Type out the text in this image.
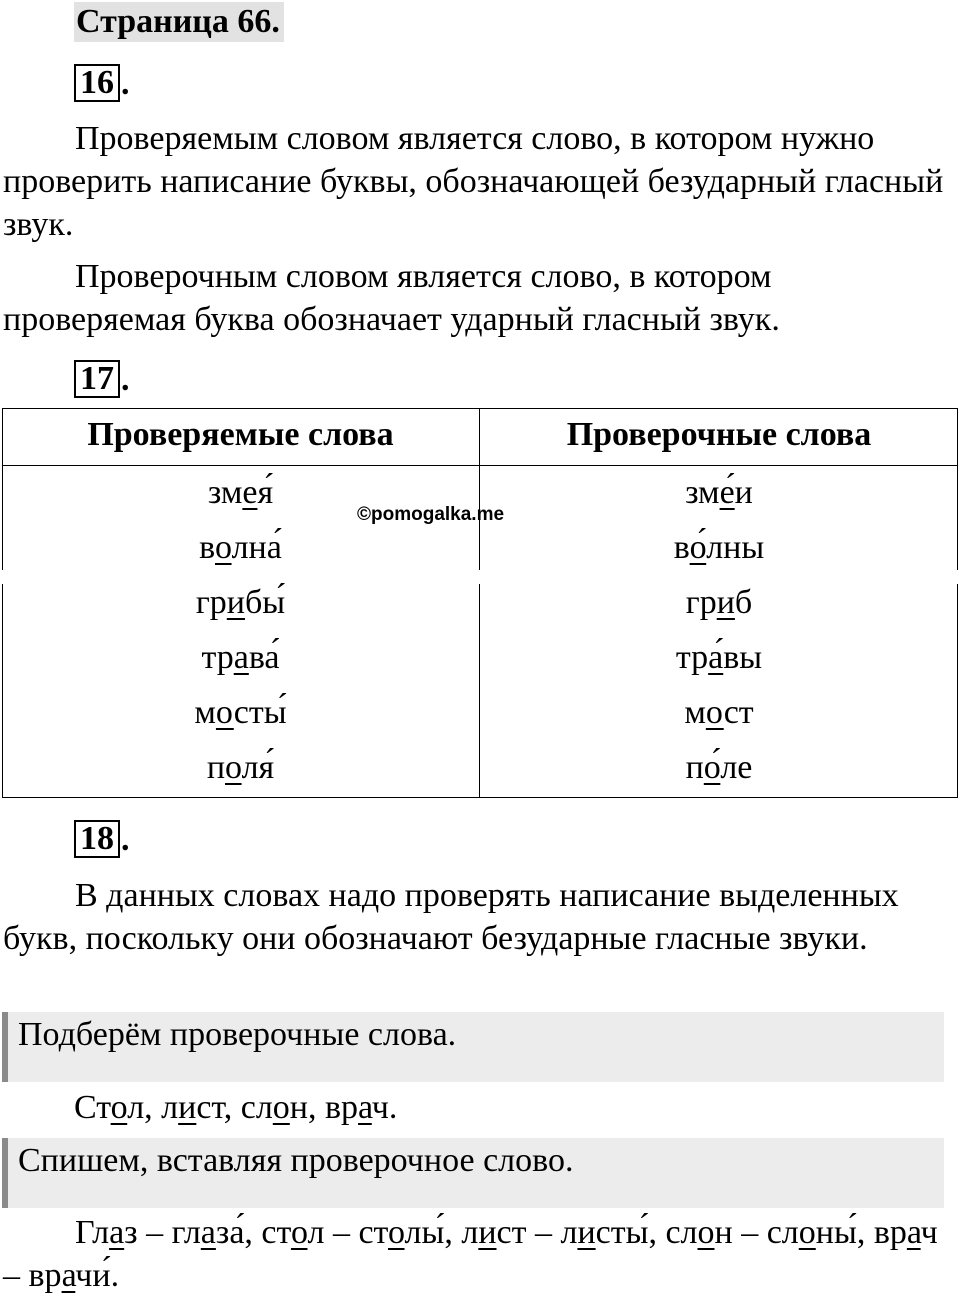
Страница 66.
16 .

Проверяемым словом является слово, в котором нужно проверить написание буквы, обозначающей безударный гласный звук.

Проверочным словом является слово, в котором проверяемая буква обозначает ударный гласный звук.

17 .
Проверяемые слова	Проверочные слова
змея
волна
грибы
трава
мосты
поля
змеи
волны
гриб
травы
мост
поле
©pomogalka.me
18 .

В данных словах надо проверять написание выделенных букв, поскольку они обозначают безударные гласные звуки.

Подберём проверочные слова.
Стол, лист, слон, врач.
Спишем, вставляя проверочное слово.

Глаз – глаза, стол – столы, лист – листы, слон – слоны, врач – врачи.
